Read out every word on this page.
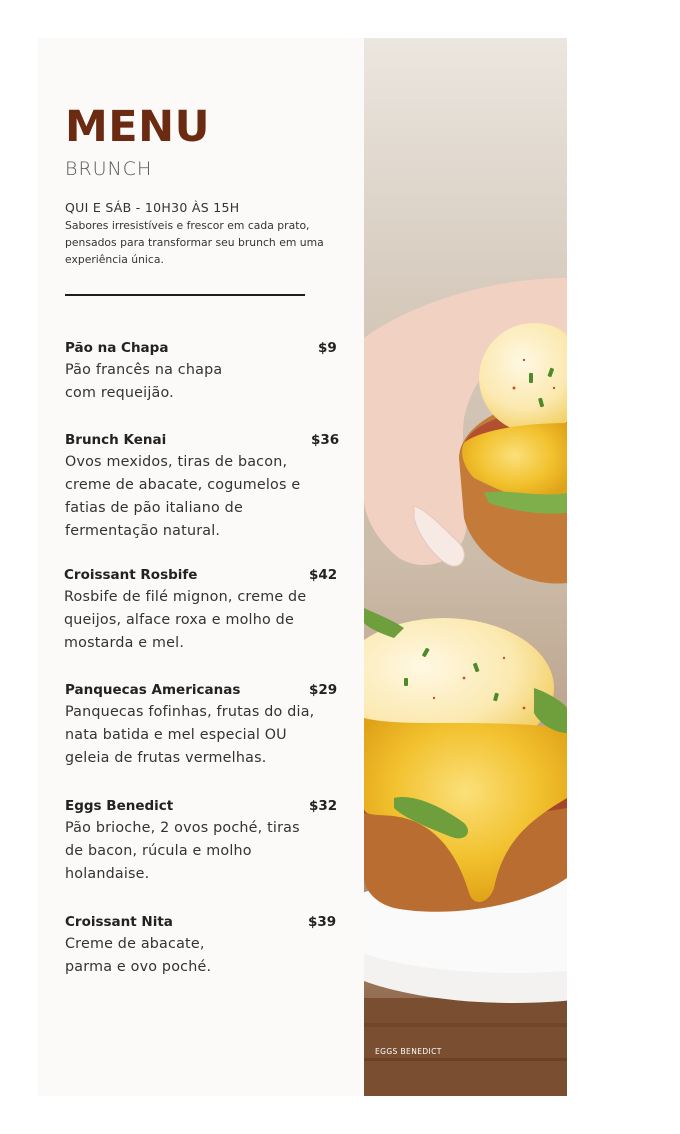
MENU
BRUNCH
QUI E SÁB - 10H30 ÀS 15H
Sabores irresistíveis e frescor em cada prato, pensados para transformar seu brunch em uma experiência única.
Pão na Chapa	$9
Pão francês na chapa com requeijão.
Brunch Kenai	$36
Ovos mexidos, tiras de bacon, creme de abacate, cogumelos e fatias de pão italiano de fermentação natural.
Croissant Rosbife	$42
Rosbife de filé mignon, creme de queijos, alface roxa e molho de mostarda e mel.
Panquecas Americanas	$29
Panquecas fofinhas, frutas do dia, nata batida e mel especial OU geleia de frutas vermelhas.
Eggs Benedict	$32
Pão brioche, 2 ovos poché, tiras de bacon, rúcula e molho holandaise.
Croissant Nita	$39
Creme de abacate, parma e ovo poché.
EGGS BENEDICT
